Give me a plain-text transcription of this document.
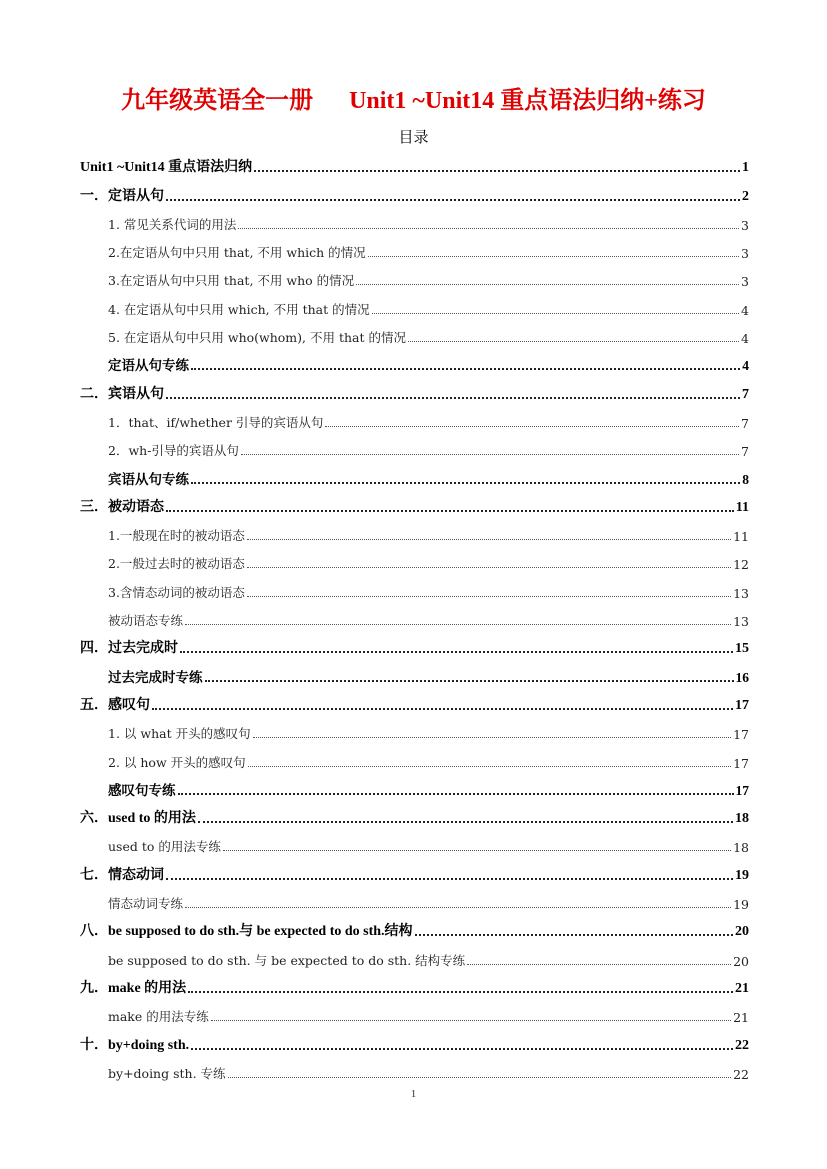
九年级英语全一册 Unit1 ~Unit14 重点语法归纳+练习
目录
Unit1 ~Unit14 重点语法归纳	1
一．定语从句	2
1. 常见关系代词的用法	3
2.在定语从句中只用 that, 不用 which 的情况	3
3.在定语从句中只用 that, 不用 who 的情况	3
4. 在定语从句中只用 which, 不用 that 的情况	4
5. 在定语从句中只用 who(whom), 不用 that 的情况	4
定语从句专练	4
二．宾语从句	7
1．that、if/whether 引导的宾语从句	7
2．wh-引导的宾语从句	7
宾语从句专练	8
三．被动语态	11
1.一般现在时的被动语态	11
2.一般过去时的被动语态	12
3.含情态动词的被动语态	13
被动语态专练	13
四．过去完成时	15
过去完成时专练	16
五．感叹句	17
1. 以 what 开头的感叹句	17
2. 以 how 开头的感叹句	17
感叹句专练	17
六．used to 的用法	18
used to 的用法专练	18
七．情态动词	19
情态动词专练	19
八．be supposed to do sth.与 be expected to do sth.结构	20
be supposed to do sth. 与 be expected to do sth. 结构专练	20
九．make 的用法	21
make 的用法专练	21
十．by+doing sth.	22
by+doing sth. 专练	22
1
